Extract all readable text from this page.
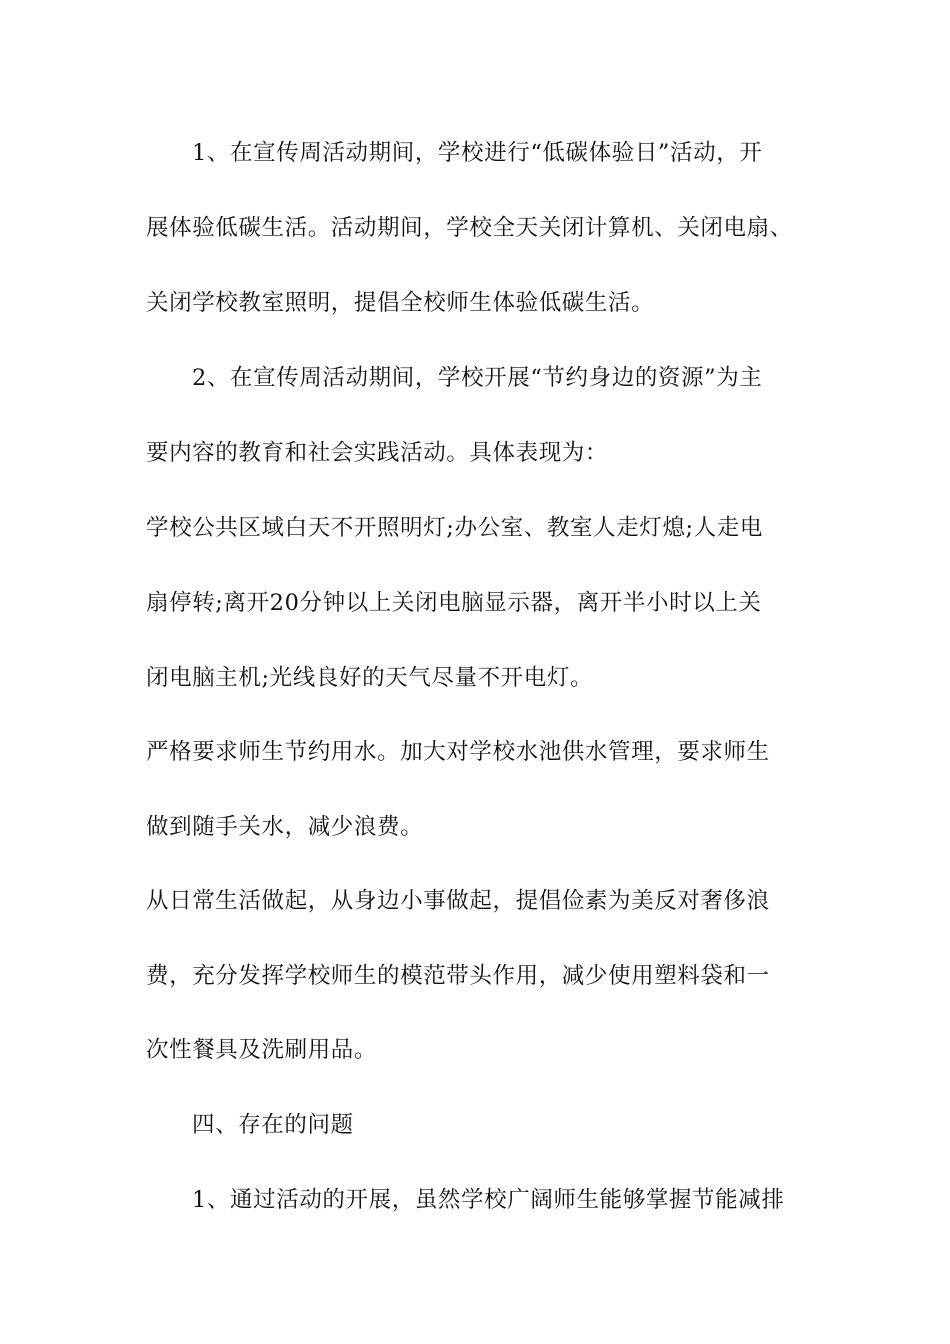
1、在宣传周活动期间，学校进行“低碳体验日”活动，开
展体验低碳生活。活动期间，学校全天关闭计算机、关闭电扇、
关闭学校教室照明，提倡全校师生体验低碳生活。
2、在宣传周活动期间，学校开展“节约身边的资源”为主
要内容的教育和社会实践活动。具体表现为：
学校公共区域白天不开照明灯;办公室、教室人走灯熄;人走电
扇停转;离开20分钟以上关闭电脑显示器，离开半小时以上关
闭电脑主机;光线良好的天气尽量不开电灯。
严格要求师生节约用水。加大对学校水池供水管理，要求师生
做到随手关水，减少浪费。
从日常生活做起，从身边小事做起，提倡俭素为美反对奢侈浪
费，充分发挥学校师生的模范带头作用，减少使用塑料袋和一
次性餐具及洗刷用品。
四、存在的问题
1、通过活动的开展，虽然学校广阔师生能够掌握节能减排
